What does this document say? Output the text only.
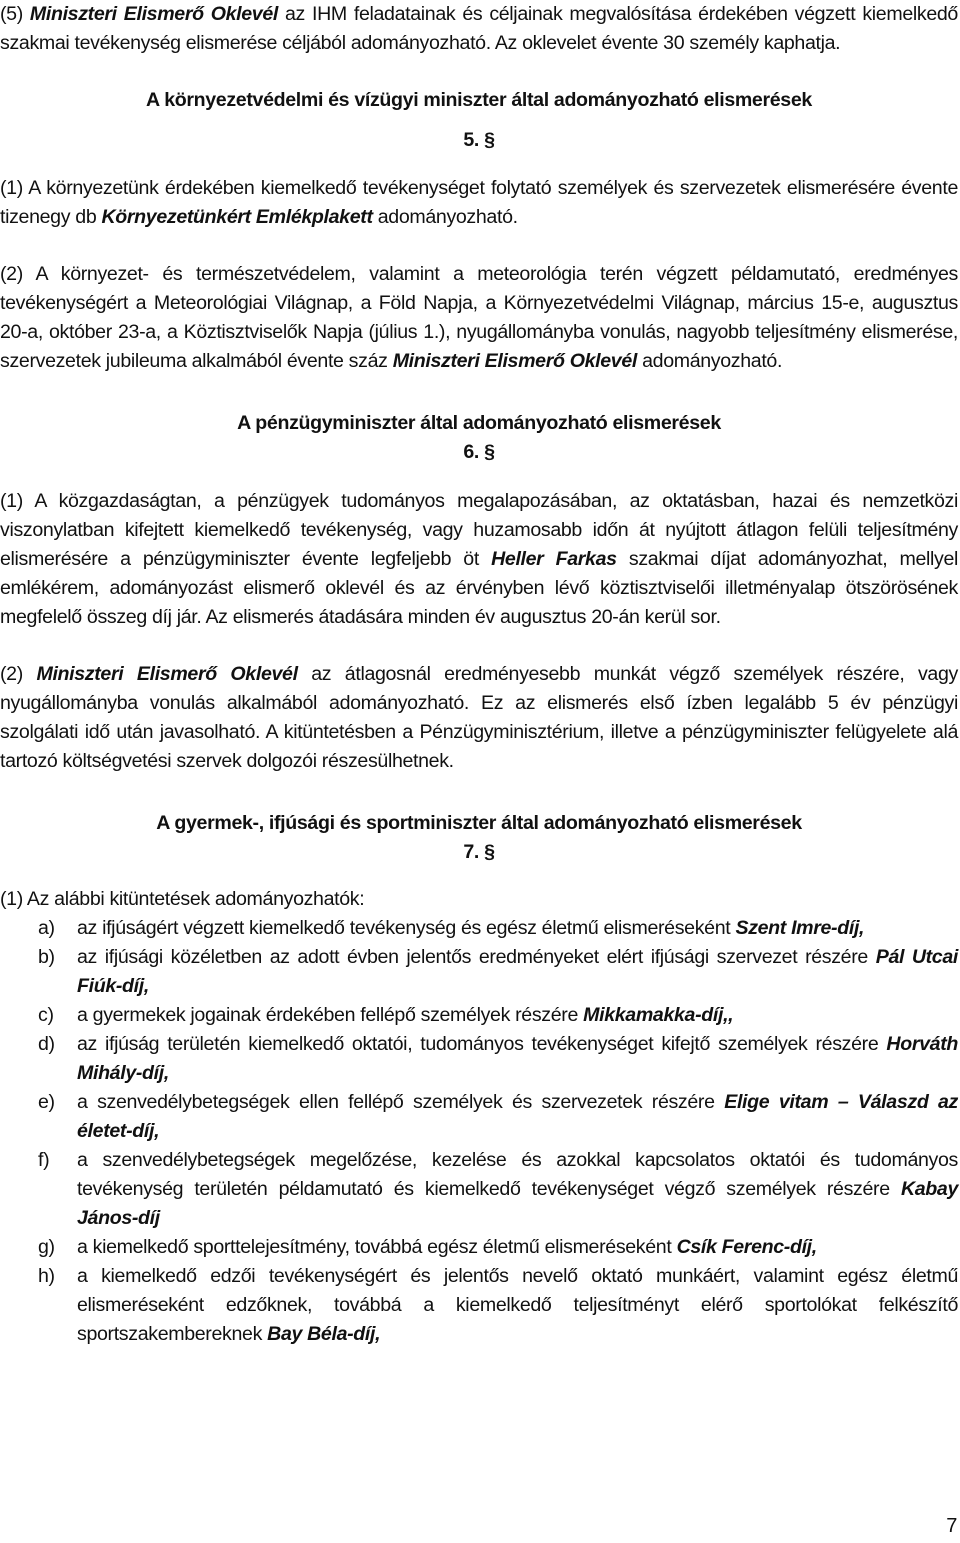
(5) Miniszteri Elismerő Oklevél az IHM feladatainak és céljainak megvalósítása érdekében végzett kiemelkedő szakmai tevékenység elismerése céljából adományozható. Az oklevelet évente 30 személy kaphatja.

A környezetvédelmi és vízügyi miniszter által adományozható elismerések

5. §

(1) A környezetünk érdekében kiemelkedő tevékenységet folytató személyek és szervezetek elismerésére évente tizenegy db Környezetünkért Emlékplakett adományozható.

(2) A környezet- és természetvédelem, valamint a meteorológia terén végzett példamutató, eredményes tevékenységért a Meteorológiai Világnap, a Föld Napja, a Környezetvédelmi Világnap, március 15-e, augusztus 20-a, október 23-a, a Köztisztviselők Napja (július 1.), nyugállományba vonulás, nagyobb teljesítmény elismerése, szervezetek jubileuma alkalmából évente száz Miniszteri Elismerő Oklevél adományozható.

A pénzügyminiszter által adományozható elismerések

6. §

(1) A közgazdaságtan, a pénzügyek tudományos megalapozásában, az oktatásban, hazai és nemzetközi viszonylatban kifejtett kiemelkedő tevékenység, vagy huzamosabb időn át nyújtott átlagon felüli teljesítmény elismerésére a pénzügyminiszter évente legfeljebb öt Heller Farkas szakmai díjat adományozhat, mellyel emlékérem, adományozást elismerő oklevél és az érvényben lévő köztisztviselői illetményalap ötszörösének megfelelő összeg díj jár. Az elismerés átadására minden év augusztus 20-án kerül sor.

(2) Miniszteri Elismerő Oklevél az átlagosnál eredményesebb munkát végző személyek részére, vagy nyugállományba vonulás alkalmából adományozható. Ez az elismerés első ízben legalább 5 év pénzügyi szolgálati idő után javasolható. A kitüntetésben a Pénzügyminisztérium, illetve a pénzügyminiszter felügyelete alá tartozó költségvetési szervek dolgozói részesülhetnek.

A gyermek-, ifjúsági és sportminiszter által adományozható elismerések

7. §

(1) Az alábbi kitüntetések adományozhatók:

a)	az ifjúságért végzett kiemelkedő tevékenység és egész életmű elismeréseként Szent Imre-díj,
b)	az ifjúsági közéletben az adott évben jelentős eredményeket elért ifjúsági szervezet részére Pál Utcai Fiúk-díj,
c)	a gyermekek jogainak érdekében fellépő személyek részére Mikkamakka-díj,,
d)	az ifjúság területén kiemelkedő oktatói, tudományos tevékenységet kifejtő személyek részére Horváth Mihály-díj,
e)	a szenvedélybetegségek ellen fellépő személyek és szervezetek részére Elige vitam – Válaszd az életet-díj,
f)	a szenvedélybetegségek megelőzése, kezelése és azokkal kapcsolatos oktatói és tudományos tevékenység területén példamutató és kiemelkedő tevékenységet végző személyek részére Kabay János-díj
g)	a kiemelkedő sporttelejesítmény, továbbá egész életmű elismeréseként Csík Ferenc-díj,
h)	a kiemelkedő edzői tevékenységért és jelentős nevelő oktató munkáért, valamint egész életmű elismeréseként edzőknek, továbbá a kiemelkedő teljesítményt elérő sportolókat felkészítő sportszakembereknek Bay Béla-díj,
7
